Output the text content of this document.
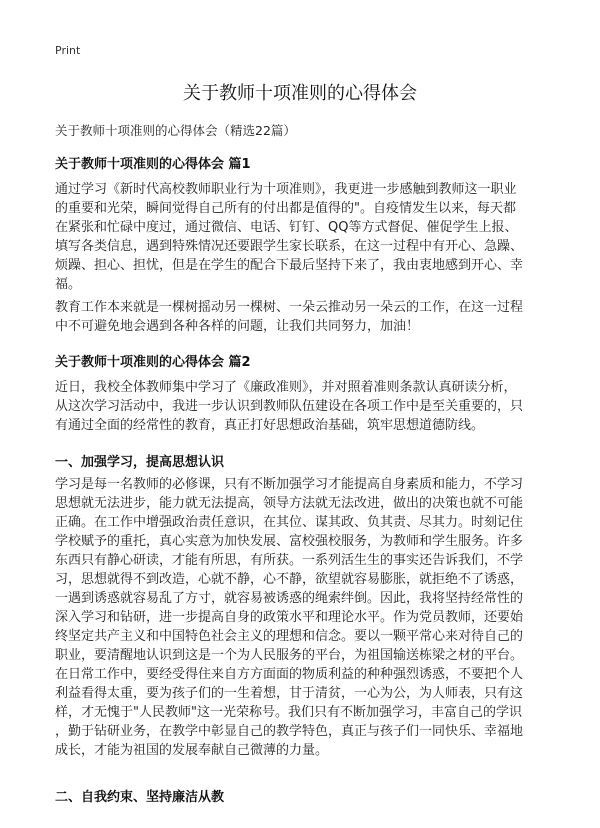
Print
关于教师十项准则的心得体会
关于教师十项准则的心得体会（精选22篇）
关于教师十项准则的心得体会 篇1
通过学习《新时代高校教师职业行为十项准则》，我更进一步感触到教师这一职业
的重要和光荣，瞬间觉得自己所有的付出都是值得的"。自疫情发生以来，每天都
在紧张和忙碌中度过，通过微信、电话、钉钉、QQ等方式督促、催促学生上报、
填写各类信息，遇到特殊情况还要跟学生家长联系，在这一过程中有开心、急躁、
烦躁、担心、担忧，但是在学生的配合下最后坚持下来了，我由衷地感到开心、幸
福。
教育工作本来就是一棵树摇动另一棵树、一朵云推动另一朵云的工作，在这一过程
中不可避免地会遇到各种各样的问题，让我们共同努力，加油！
关于教师十项准则的心得体会 篇2
近日，我校全体教师集中学习了《廉政准则》，并对照着准则条款认真研读分析，
从这次学习活动中，我进一步认识到教师队伍建设在各项工作中是至关重要的，只
有通过全面的经常性的教育，真正打好思想政治基础，筑牢思想道德防线。
一、加强学习，提高思想认识
学习是每一名教师的必修课，只有不断加强学习才能提高自身素质和能力，不学习
思想就无法进步，能力就无法提高，领导方法就无法改进，做出的决策也就不可能
正确。在工作中增强政治责任意识，在其位、谋其政、负其责、尽其力。时刻记住
学校赋予的重托，真心实意为加快发展、富校强校服务，为教师和学生服务。许多
东西只有静心研读，才能有所思，有所获。一系列活生生的事实还告诉我们，不学
习，思想就得不到改造，心就不静，心不静，欲望就容易膨胀，就拒绝不了诱惑，
一遇到诱惑就容易乱了方寸，就容易被诱惑的绳索绊倒。因此，我将坚持经常性的
深入学习和钻研，进一步提高自身的政策水平和理论水平。作为党员教师，还要始
终坚定共产主义和中国特色社会主义的理想和信念。要以一颗平常心来对待自己的
职业，要清醒地认识到这是一个为人民服务的平台，为祖国输送栋梁之材的平台。
在日常工作中，要经受得住来自方方面面的物质利益的种种强烈诱惑，不要把个人
利益看得太重，要为孩子们的一生着想，甘于清贫，一心为公，为人师表，只有这
样，才无愧于"人民教师"这一光荣称号。我们只有不断加强学习，丰富自己的学识
，勤于钻研业务，在教学中彰显自己的教学特色，真正与孩子们一同快乐、幸福地
成长，才能为祖国的发展奉献自己微薄的力量。
二、自我约束、坚持廉洁从教
